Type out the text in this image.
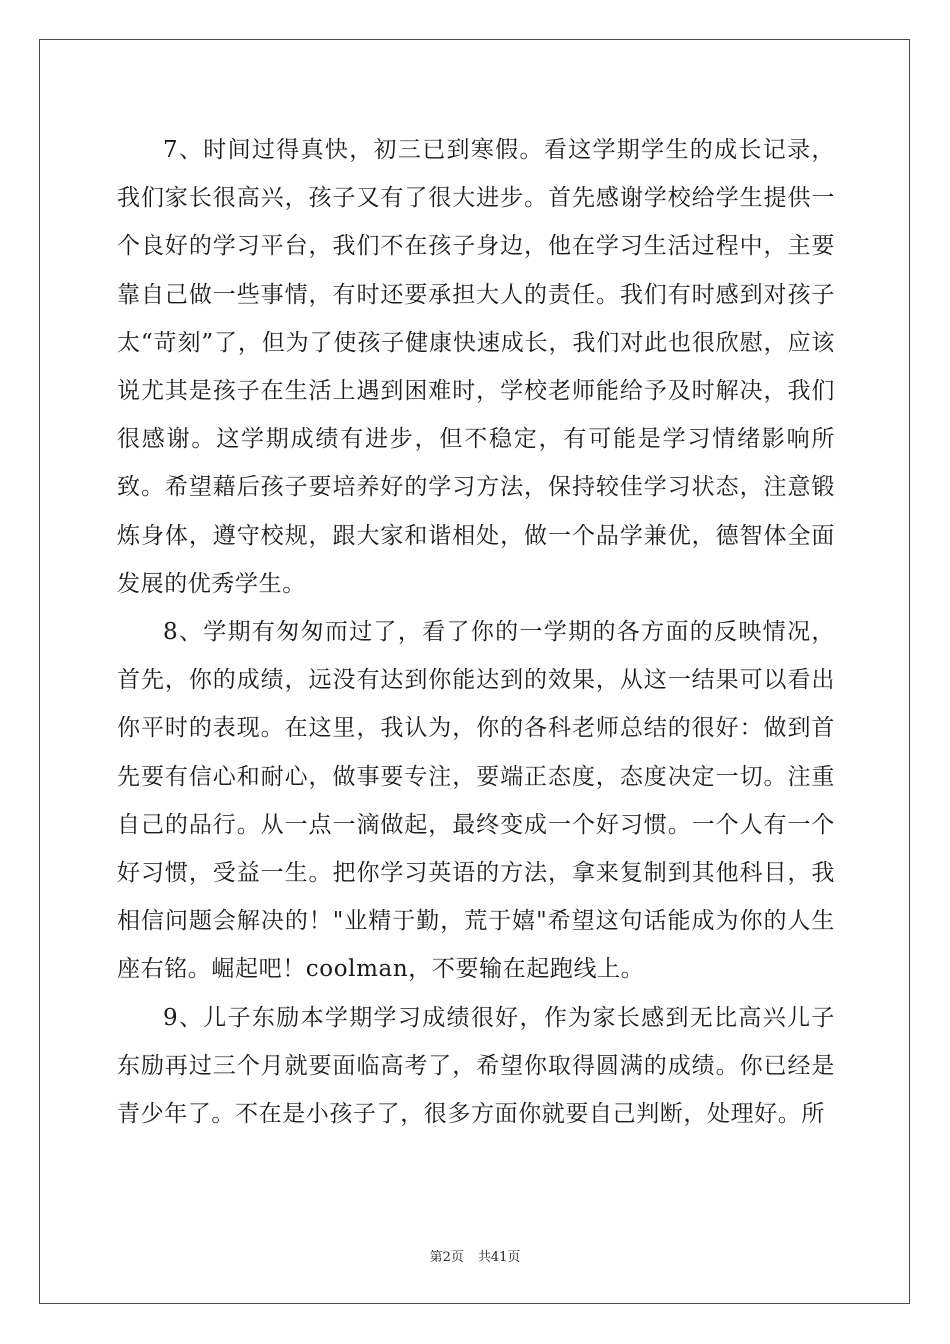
7、时间过得真快，初三已到寒假。看这学期学生的成长记录，我们家长很高兴，孩子又有了很大进步。首先感谢学校给学生提供一个良好的学习平台，我们不在孩子身边，他在学习生活过程中，主要靠自己做一些事情，有时还要承担大人的责任。我们有时感到对孩子太“苛刻”了，但为了使孩子健康快速成长，我们对此也很欣慰，应该说尤其是孩子在生活上遇到困难时，学校老师能给予及时解决，我们很感谢。这学期成绩有进步，但不稳定，有可能是学习情绪影响所致。希望藉后孩子要培养好的学习方法，保持较佳学习状态，注意锻炼身体，遵守校规，跟大家和谐相处，做一个品学兼优，德智体全面发展的优秀学生。

8、学期有匆匆而过了，看了你的一学期的各方面的反映情况，首先，你的成绩，远没有达到你能达到的效果，从这一结果可以看出你平时的表现。在这里，我认为，你的各科老师总结的很好：做到首先要有信心和耐心，做事要专注，要端正态度，态度决定一切。注重自己的品行。从一点一滴做起，最终变成一个好习惯。一个人有一个好习惯，受益一生。把你学习英语的方法，拿来复制到其他科目，我相信问题会解决的！"业精于勤，荒于嬉"希望这句话能成为你的人生座右铭。崛起吧！coolman，不要输在起跑线上。

9、儿子东励本学期学习成绩很好，作为家长感到无比高兴儿子东励再过三个月就要面临高考了，希望你取得圆满的成绩。你已经是青少年了。不在是小孩子了，很多方面你就要自己判断，处理好。所

第2页 共41页
